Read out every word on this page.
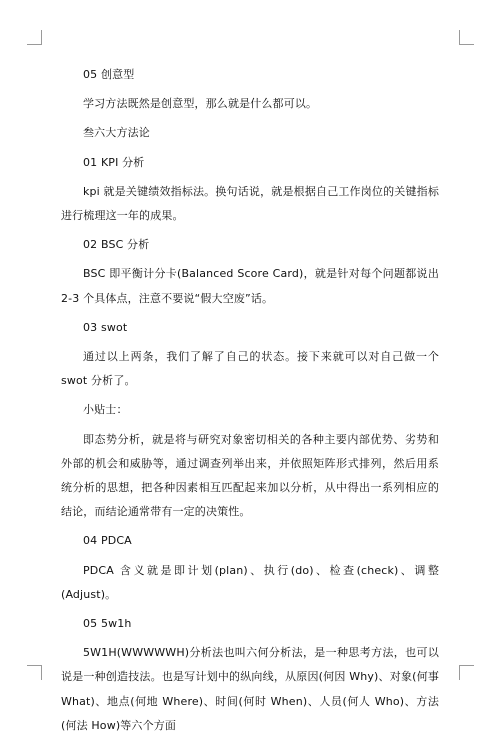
05 创意型

学习方法既然是创意型，那么就是什么都可以。

叁六大方法论

01 KPI 分析

kpi 就是关键绩效指标法。换句话说，就是根据自己工作岗位的关键指标进行梳理这一年的成果。

02 BSC 分析

BSC 即平衡计分卡(Balanced Score Card)，就是针对每个问题都说出 2-3 个具体点，注意不要说“假大空废”话。

03 swot

通过以上两条，我们了解了自己的状态。接下来就可以对自己做一个 swot 分析了。

小贴士：

即态势分析，就是将与研究对象密切相关的各种主要内部优势、劣势和外部的机会和威胁等，通过调查列举出来，并依照矩阵形式排列，然后用系统分析的思想，把各种因素相互匹配起来加以分析，从中得出一系列相应的结论，而结论通常带有一定的决策性。

04 PDCA

PDCA 含义就是即计划(plan)、执行(do)、检查(check)、调整(Adjust)。

05 5w1h

5W1H(WWWWWH)分析法也叫六何分析法，是一种思考方法，也可以说是一种创造技法。也是写计划中的纵向线，从原因(何因 Why)、对象(何事 What)、地点(何地 Where)、时间(何时 When)、人员(何人 Who)、方法(何法 How)等六个方面
